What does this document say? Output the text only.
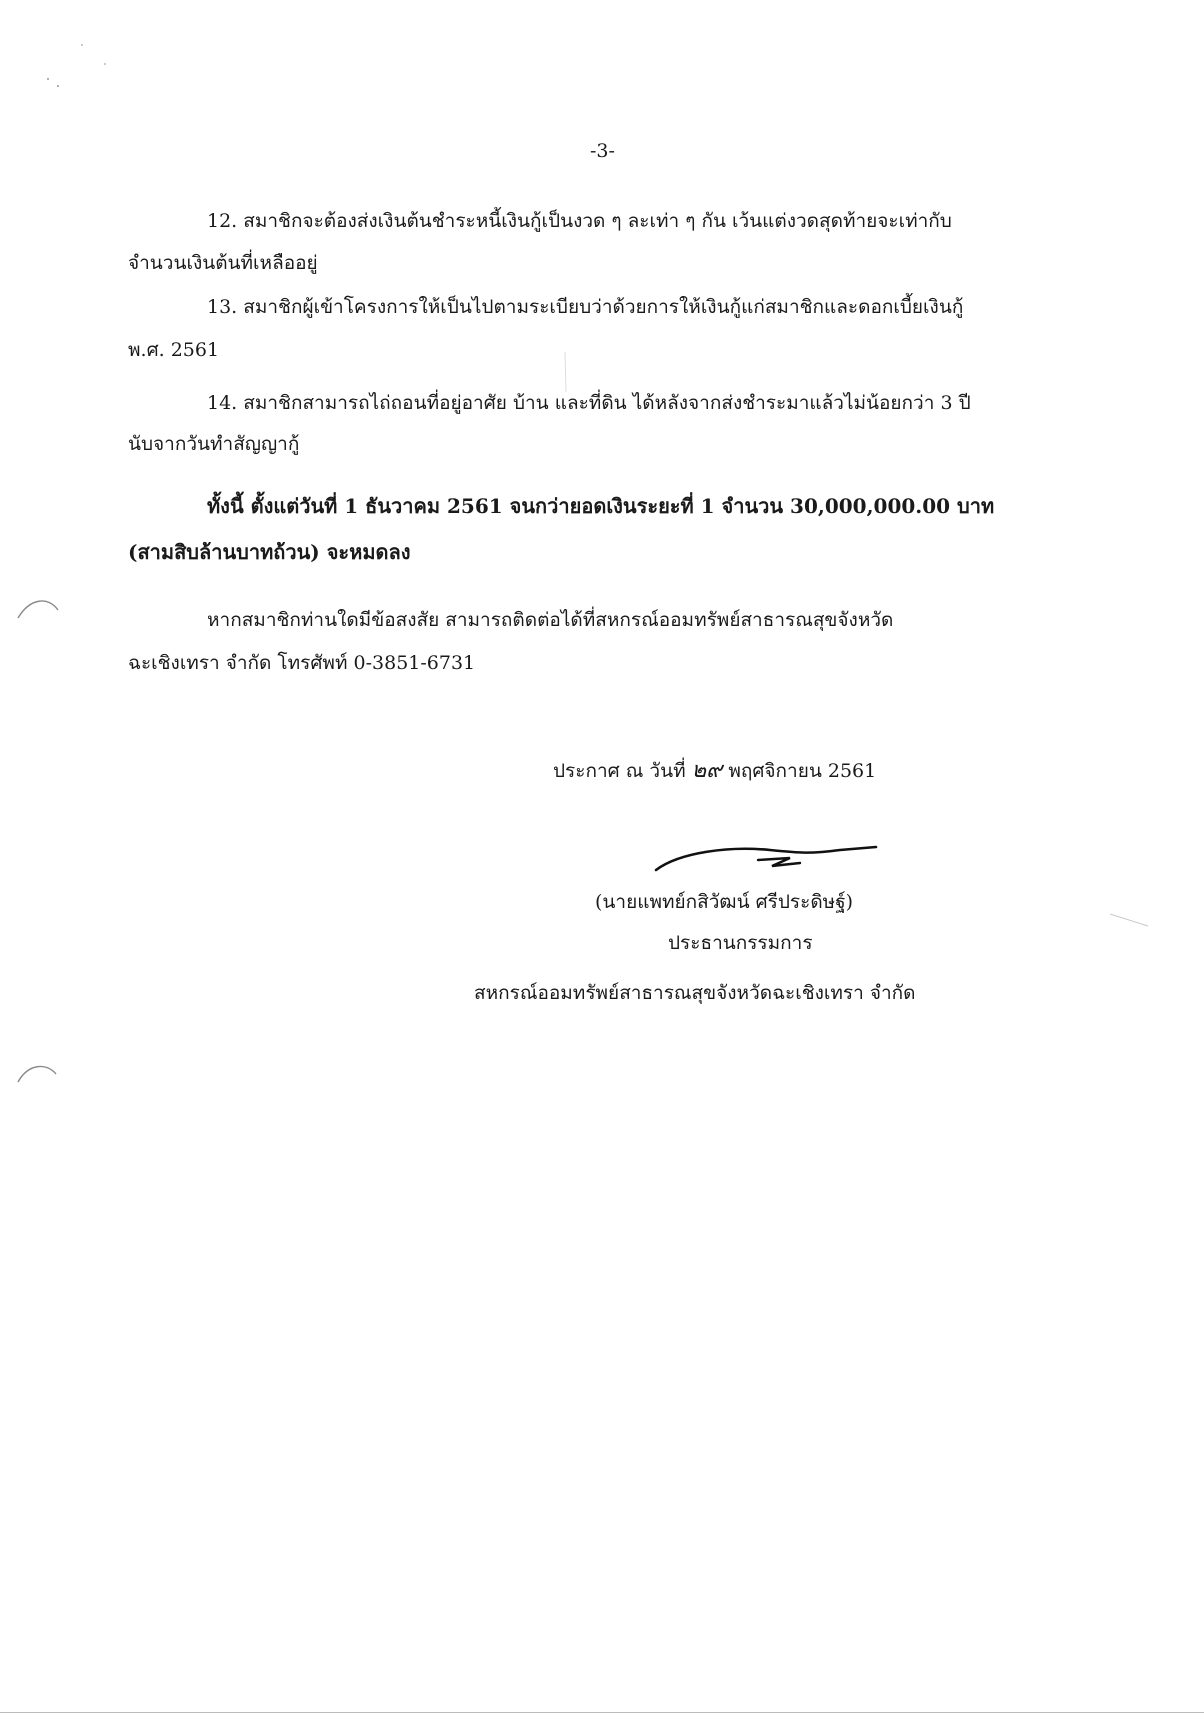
-3-
12. สมาชิกจะต้องส่งเงินต้นชำระหนี้เงินกู้เป็นงวด ๆ ละเท่า ๆ กัน เว้นแต่งวดสุดท้ายจะเท่ากับ
จำนวนเงินต้นที่เหลืออยู่
13. สมาชิกผู้เข้าโครงการให้เป็นไปตามระเบียบว่าด้วยการให้เงินกู้แก่สมาชิกและดอกเบี้ยเงินกู้
พ.ศ. 2561
14. สมาชิกสามารถไถ่ถอนที่อยู่อาศัย บ้าน และที่ดิน ได้หลังจากส่งชำระมาแล้วไม่น้อยกว่า 3 ปี
นับจากวันทำสัญญากู้
ทั้งนี้ ตั้งแต่วันที่ 1 ธันวาคม 2561 จนกว่ายอดเงินระยะที่ 1 จำนวน 30,000,000.00 บาท
(สามสิบล้านบาทถ้วน) จะหมดลง
หากสมาชิกท่านใดมีข้อสงสัย สามารถติดต่อได้ที่สหกรณ์ออมทรัพย์สาธารณสุขจังหวัด
ฉะเชิงเทรา จำกัด โทรศัพท์ 0-3851-6731
ประกาศ ณ วันที่ ๒๙ พฤศจิกายน 2561
(นายแพทย์กสิวัฒน์ ศรีประดิษฐ์)
ประธานกรรมการ
สหกรณ์ออมทรัพย์สาธารณสุขจังหวัดฉะเชิงเทรา จำกัด
